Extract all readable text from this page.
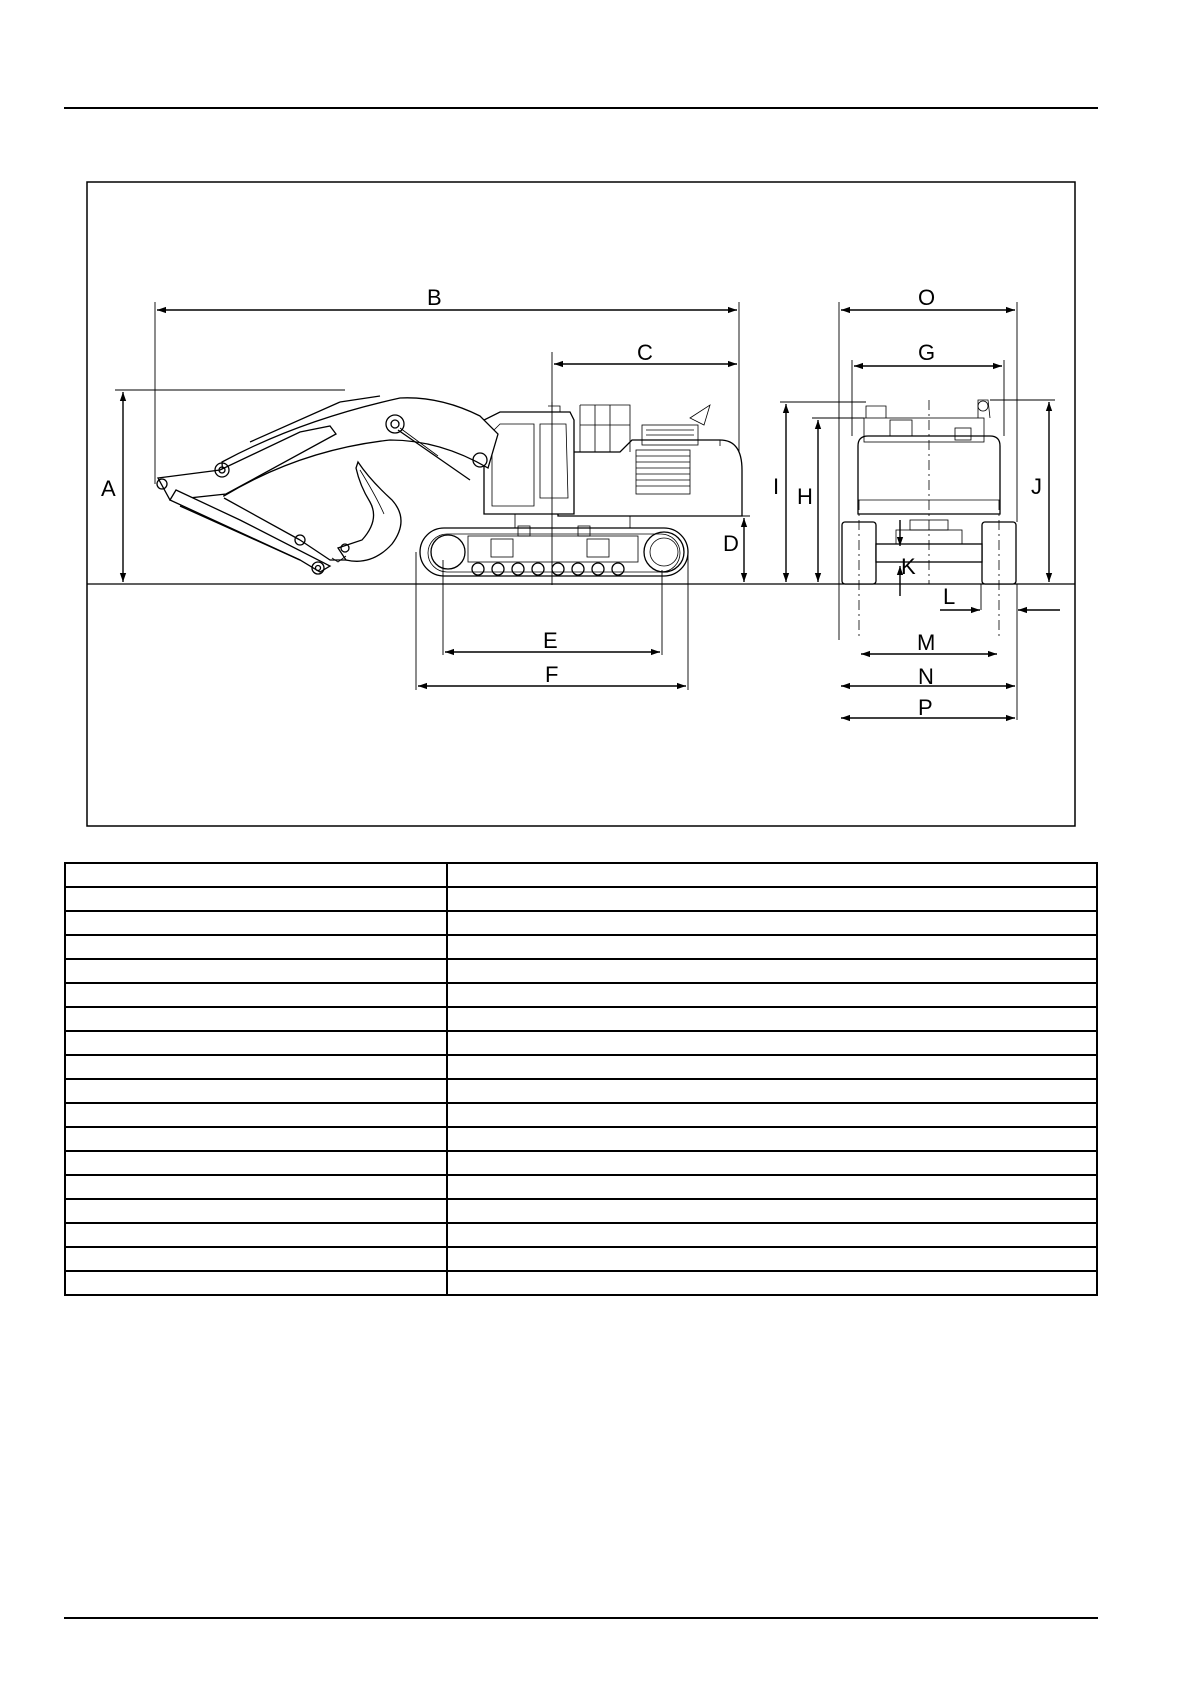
A
B
C
D
E
F
G
H
I	J
K
L
M
N
P
O
